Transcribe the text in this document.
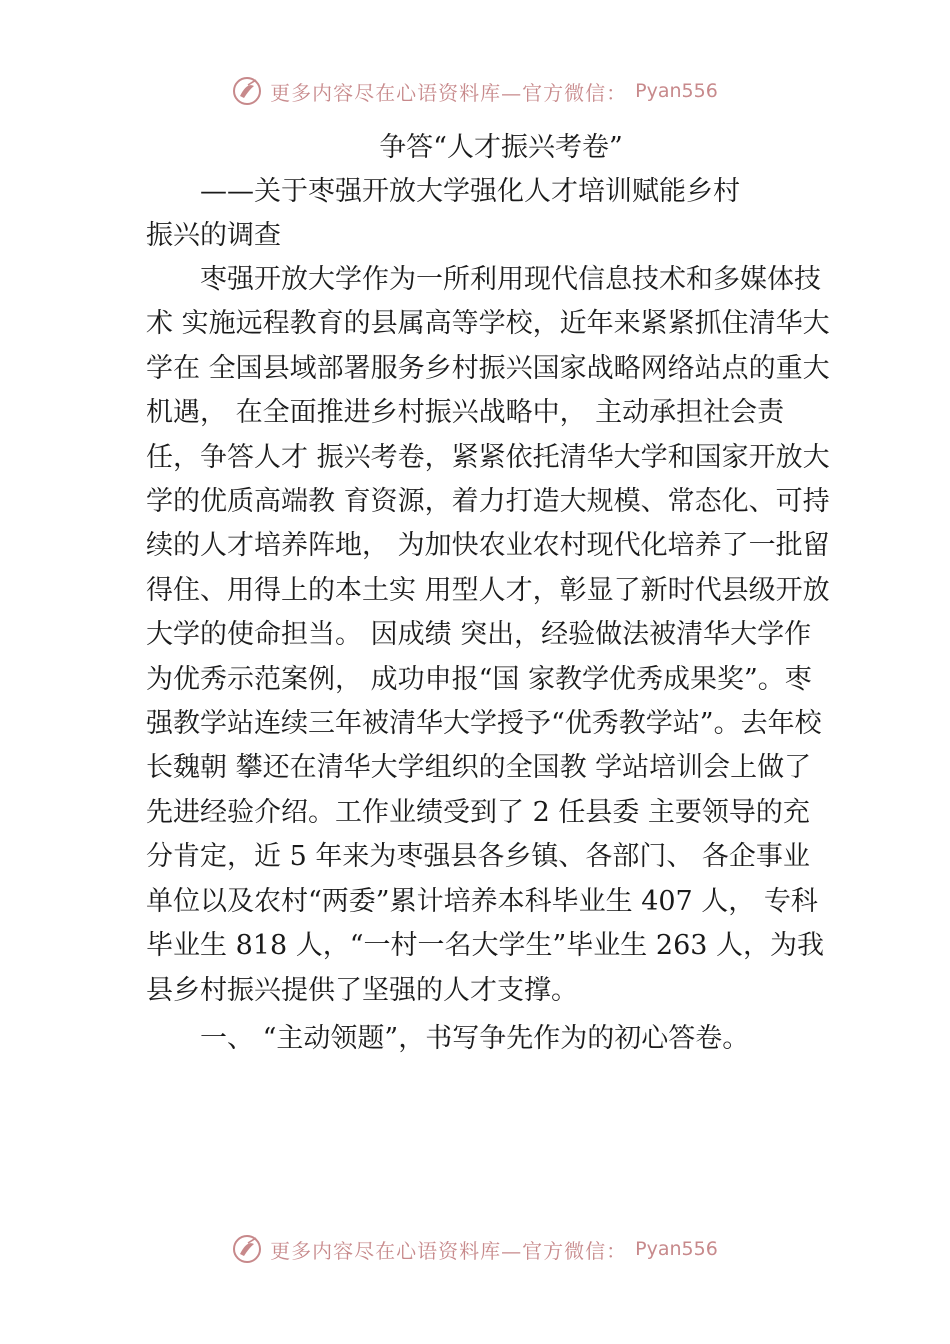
更多内容尽在心语资料库—官方微信： Pyan556

争答“人才振兴考卷”

——关于枣强开放大学强化人才培训赋能乡村
振兴的调查

枣强开放大学作为一所利用现代信息技术和多媒体技术 实施远程教育的县属高等学校，近年来紧紧抓住清华大学在 全国县域部署服务乡村振兴国家战略网络站点的重大机遇， 在全面推进乡村振兴战略中， 主动承担社会责任，争答人才 振兴考卷，紧紧依托清华大学和国家开放大学的优质高端教 育资源，着力打造大规模、常态化、可持续的人才培养阵地， 为加快农业农村现代化培养了一批留得住、用得上的本土实 用型人才，彰显了新时代县级开放大学的使命担当。 因成绩 突出，经验做法被清华大学作为优秀示范案例， 成功申报“国 家教学优秀成果奖”。枣强教学站连续三年被清华大学授予“优秀教学站”。去年校长魏朝 攀还在清华大学组织的全国教 学站培训会上做了先进经验介绍。工作业绩受到了 2 任县委 主要领导的充分肯定，近 5 年来为枣强县各乡镇、各部门、 各企事业单位以及农村“两委”累计培养本科毕业生 407 人， 专科毕业生 818 人，“一村一名大学生”毕业生 263 人，为我 县乡村振兴提供了坚强的人才支撑。

一、 “主动领题”，书写争先作为的初心答卷。

更多内容尽在心语资料库—官方微信： Pyan556
